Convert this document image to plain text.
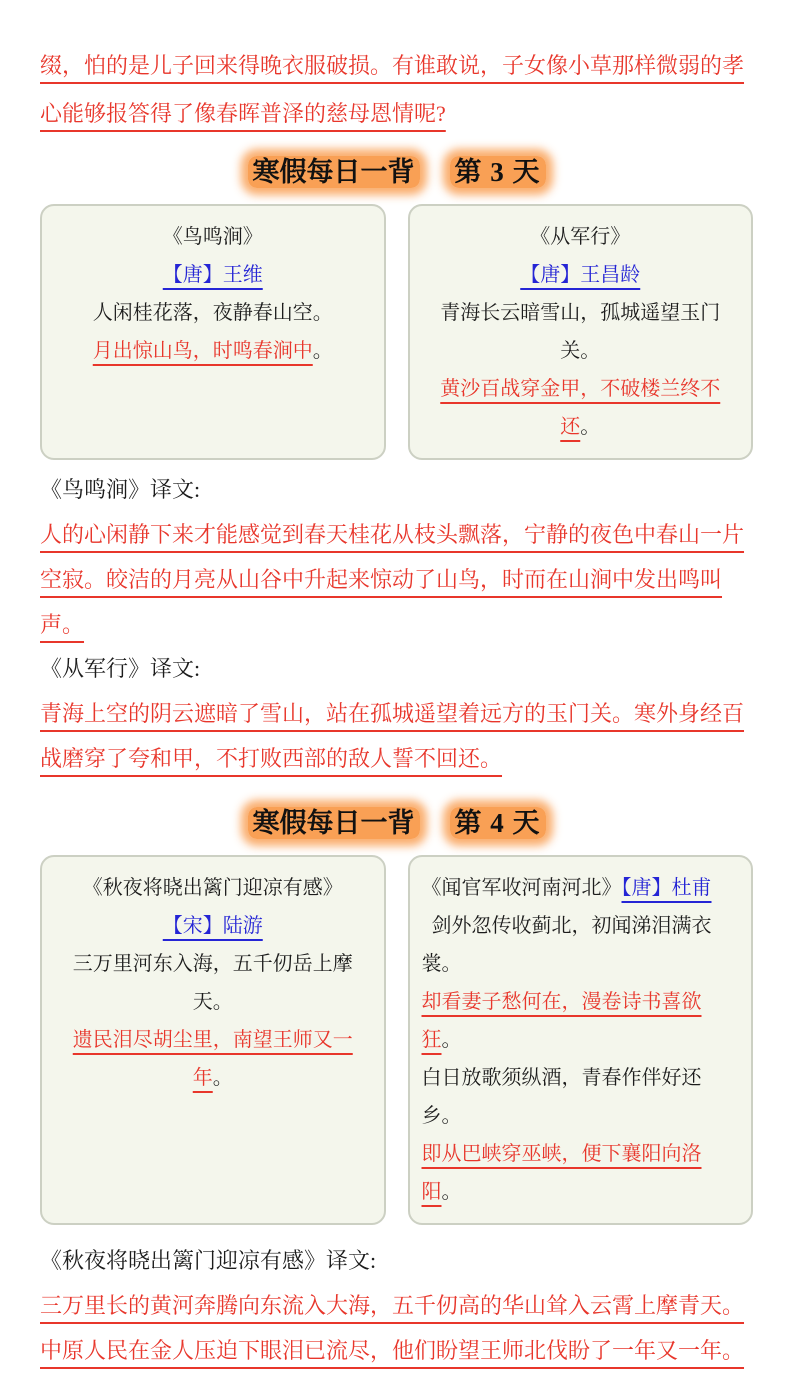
缀，怕的是儿子回来得晚衣服破损。有谁敢说，子女像小草那样微弱的孝心能够报答得了像春晖普泽的慈母恩情呢?

寒假每日一背 第 3 天
《鸟鸣涧》
【唐】王维
人闲桂花落，夜静春山空。
月出惊山鸟，时鸣春涧中。
《从军行》
【唐】王昌龄
青海长云暗雪山，孤城遥望玉门关。
黄沙百战穿金甲，不破楼兰终不还。

《鸟鸣涧》译文:

人的心闲静下来才能感觉到春天桂花从枝头飘落，宁静的夜色中春山一片空寂。皎洁的月亮从山谷中升起来惊动了山鸟，时而在山涧中发出鸣叫声。

《从军行》译文:

青海上空的阴云遮暗了雪山，站在孤城遥望着远方的玉门关。寒外身经百战磨穿了夸和甲，不打败西部的敌人誓不回还。

寒假每日一背 第 4 天
《秋夜将晓出篱门迎凉有感》
【宋】陆游
三万里河东入海，五千仞岳上摩天。
遗民泪尽胡尘里，南望王师又一年。
《闻官军收河南河北》【唐】杜甫
剑外忽传收蓟北，初闻涕泪满衣裳。
却看妻子愁何在，漫卷诗书喜欲狂。
白日放歌须纵酒，青春作伴好还乡。
即从巴峡穿巫峡，便下襄阳向洛阳。

《秋夜将晓出篱门迎凉有感》译文:

三万里长的黄河奔腾向东流入大海，五千仞高的华山耸入云霄上摩青天。中原人民在金人压迫下眼泪已流尽，他们盼望王师北伐盼了一年又一年。
